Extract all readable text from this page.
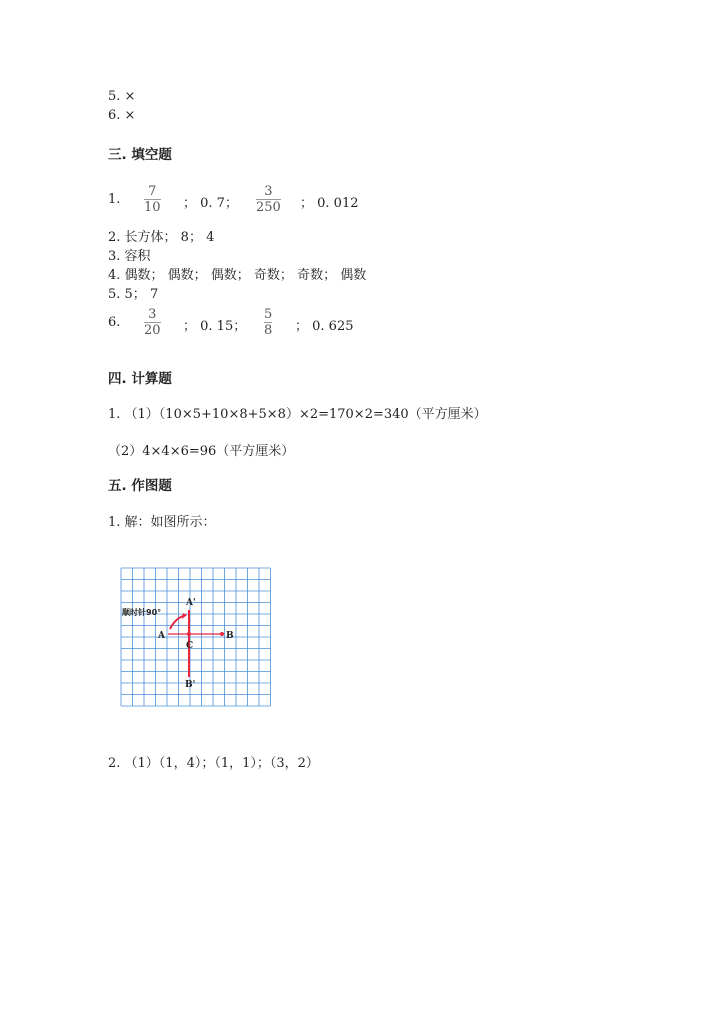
5. ×
6. ×
三. 填空题
1.
7
10 ； 0. 7；
3
250 ； 0. 012
2. 长方体； 8； 4
3. 容积
4. 偶数； 偶数； 偶数； 奇数； 奇数； 偶数
5. 5； 7
6.
3
20 ； 0. 15；
5
8 ； 0. 625
四. 计算题
1. （1）（10×5+10×8+5×8）×2=170×2=340（平方厘米）
（2）4×4×6=96（平方厘米）
五. 作图题
1. 解：如图所示：
顺时针90°
A	B
C
A'
B'
2. （1）（1，4）；（1，1）；（3，2）
